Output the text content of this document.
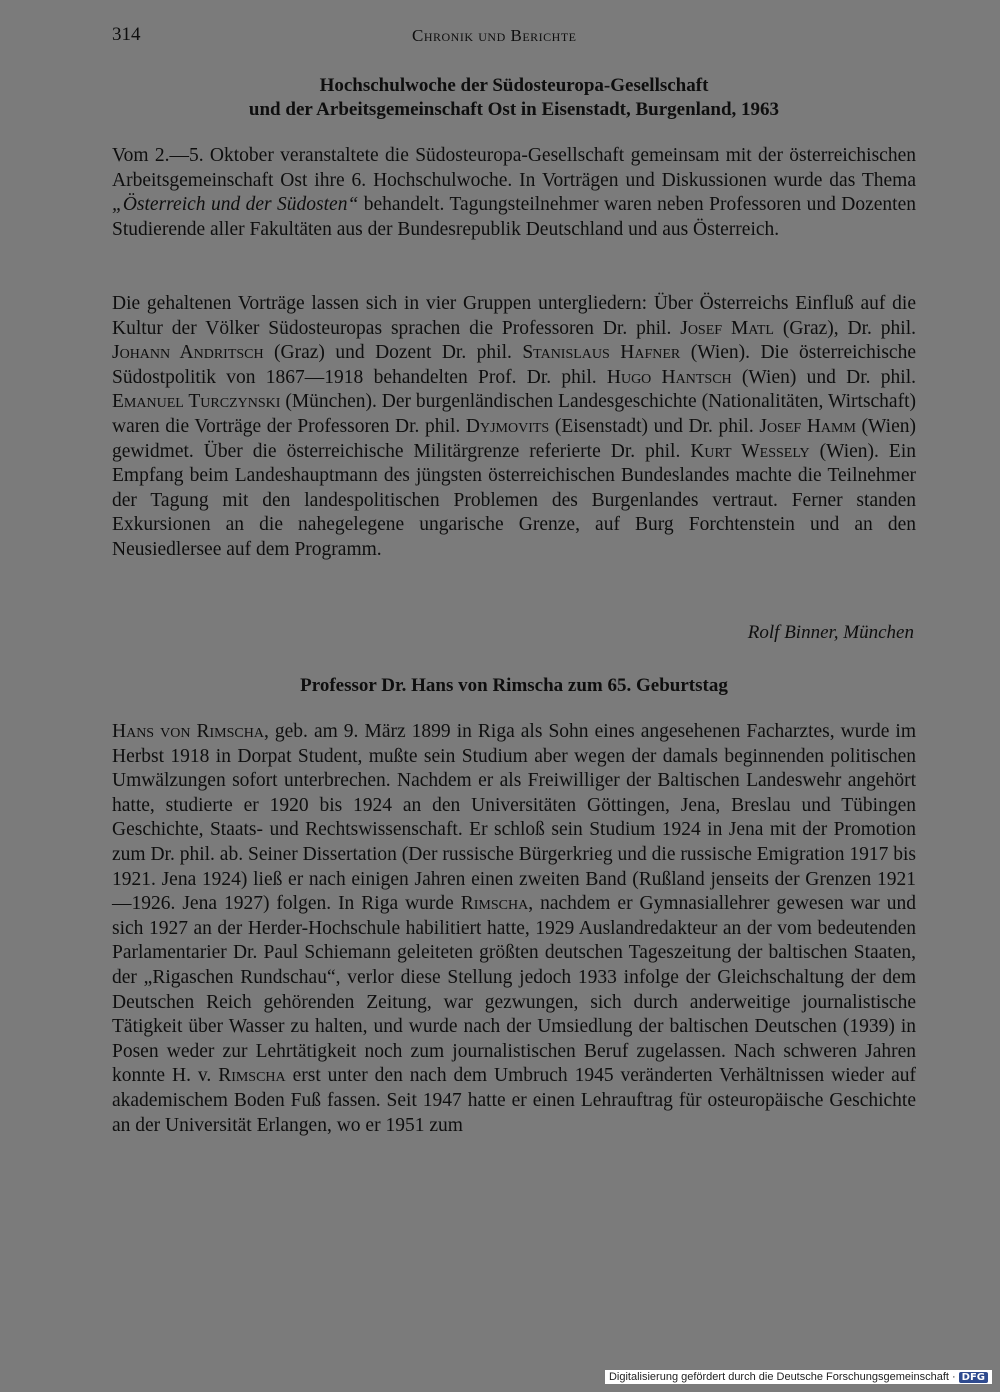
314	Chronik und Berichte
Hochschulwoche der Südosteuropa-Gesellschaft
und der Arbeitsgemeinschaft Ost in Eisenstadt, Burgenland, 1963

Vom 2.—5. Oktober veranstaltete die Südosteuropa-Gesellschaft gemeinsam mit der österreichischen Arbeitsgemeinschaft Ost ihre 6. Hochschulwoche. In Vorträgen und Diskussionen wurde das Thema „Österreich und der Südosten“ behandelt. Tagungsteilnehmer waren neben Professoren und Dozenten Studierende aller Fakultäten aus der Bundesrepublik Deutschland und aus Österreich.

Die gehaltenen Vorträge lassen sich in vier Gruppen untergliedern: Über Österreichs Einfluß auf die Kultur der Völker Südosteuropas sprachen die Professoren Dr. phil. Josef Matl (Graz), Dr. phil. Johann Andritsch (Graz) und Dozent Dr. phil. Stanislaus Hafner (Wien). Die österreichische Südostpolitik von 1867—1918 behandelten Prof. Dr. phil. Hugo Hantsch (Wien) und Dr. phil. Emanuel Turczynski (München). Der burgenländischen Landesgeschichte (Nationalitäten, Wirtschaft) waren die Vorträge der Professoren Dr. phil. Dyjmovits (Eisenstadt) und Dr. phil. Josef Hamm (Wien) gewidmet. Über die österreichische Militärgrenze referierte Dr. phil. Kurt Wessely (Wien). Ein Empfang beim Landeshauptmann des jüngsten österreichischen Bundeslandes machte die Teilnehmer der Tagung mit den landespolitischen Problemen des Burgenlandes vertraut. Ferner standen Exkursionen an die nahegelegene ungarische Grenze, auf Burg Forchtenstein und an den Neusiedlersee auf dem Programm.

Rolf Binner, München
Professor Dr. Hans von Rimscha zum 65. Geburtstag

Hans von Rimscha, geb. am 9. März 1899 in Riga als Sohn eines angesehenen Facharztes, wurde im Herbst 1918 in Dorpat Student, mußte sein Studium aber wegen der damals beginnenden politischen Umwälzungen sofort unterbrechen. Nachdem er als Freiwilliger der Baltischen Landeswehr angehört hatte, studierte er 1920 bis 1924 an den Universitäten Göttingen, Jena, Breslau und Tübingen Geschichte, Staats- und Rechtswissenschaft. Er schloß sein Studium 1924 in Jena mit der Promotion zum Dr. phil. ab. Seiner Dissertation (Der russische Bürgerkrieg und die russische Emigration 1917 bis 1921. Jena 1924) ließ er nach einigen Jahren einen zweiten Band (Rußland jenseits der Grenzen 1921—1926. Jena 1927) folgen. In Riga wurde Rimscha, nachdem er Gymnasiallehrer gewesen war und sich 1927 an der Herder-Hochschule habilitiert hatte, 1929 Auslandredakteur an der vom bedeutenden Parlamentarier Dr. Paul Schiemann geleiteten größten deutschen Tageszeitung der baltischen Staaten, der „Rigaschen Rundschau“, verlor diese Stellung jedoch 1933 infolge der Gleichschaltung der dem Deutschen Reich gehörenden Zeitung, war gezwungen, sich durch anderweitige journalistische Tätigkeit über Wasser zu halten, und wurde nach der Umsiedlung der baltischen Deutschen (1939) in Posen weder zur Lehrtätigkeit noch zum journalistischen Beruf zugelassen. Nach schweren Jahren konnte H. v. Rimscha erst unter den nach dem Umbruch 1945 veränderten Verhältnissen wieder auf akademischem Boden Fuß fassen. Seit 1947 hatte er einen Lehrauftrag für osteuropäische Geschichte an der Universität Erlangen, wo er 1951 zum

Digitalisierung gefördert durch die Deutsche Forschungsgemeinschaft · DFG
